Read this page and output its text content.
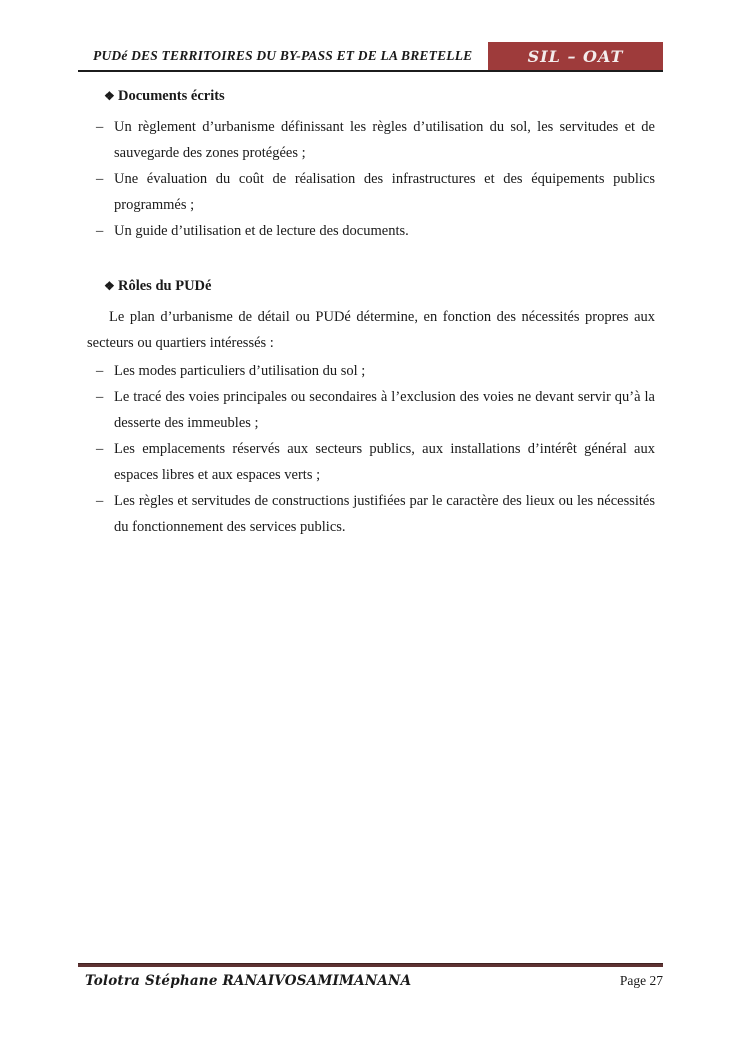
PUDé DES TERRITOIRES DU BY-PASS ET DE LA BRETELLE	SIL – OAT
❖ Documents écrits
– Un règlement d’urbanisme définissant les règles d’utilisation du sol, les servitudes et de sauvegarde des zones protégées ;
– Une évaluation du coût de réalisation des infrastructures et des équipements publics programmés ;
– Un guide d’utilisation et de lecture des documents.
❖ Rôles du PUDé

Le plan d’urbanisme de détail ou PUDé détermine, en fonction des nécessités propres aux secteurs ou quartiers intéressés :

– Les modes particuliers d’utilisation du sol ;
– Le tracé des voies principales ou secondaires à l’exclusion des voies ne devant servir qu’à la desserte des immeubles ;
– Les emplacements réservés aux secteurs publics, aux installations d’intérêt général aux espaces libres et aux espaces verts ;
– Les règles et servitudes de constructions justifiées par le caractère des lieux ou les nécessités du fonctionnement des services publics.
Tolotra Stéphane RANAIVOSAMIMANANA	Page 27
